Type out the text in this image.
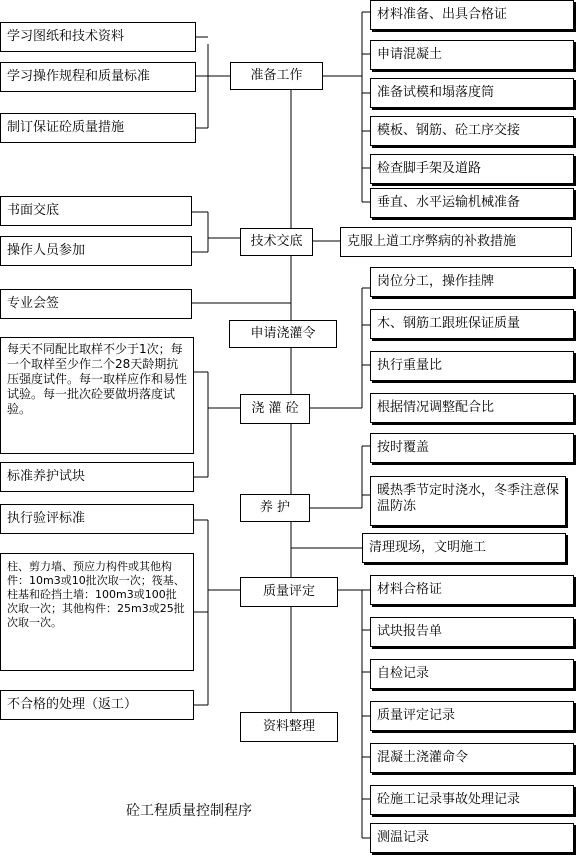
准备工作
技术交底
申请浇灌令
浇 灌 砼
养 护
质量评定
资料整理
学习图纸和技术资料
学习操作规程和质量标准
制订保证砼质量措施
书面交底
操作人员参加
专业会签
每天不同配比取样不少于1次；每一个取样至少作二个28天龄期抗压强度试件。每一取样应作和易性试验。每一批次砼要做坍落度试验。
标准养护试块
执行验评标准
柱、剪力墙、预应力构件或其他构件：10m3或10批次取一次；筏基、柱基和砼挡土墙：100m3或100批次取一次；其他构件：25m3或25批次取一次。
不合格的处理（返工）
材料准备、出具合格证
申请混凝土
准备试模和塌落度筒
模板、钢筋、砼工序交接
检查脚手架及道路
垂直、水平运输机械准备
克服上道工序弊病的补救措施
岗位分工，操作挂牌
木、钢筋工跟班保证质量
执行重量比
根据情况调整配合比
按时覆盖
暖热季节定时浇水，冬季注意保温防冻
清理现场，文明施工
材料合格证
试块报告单
自检记录
质量评定记录
混凝土浇灌命令
砼施工记录事故处理记录
测温记录
砼工程质量控制程序
